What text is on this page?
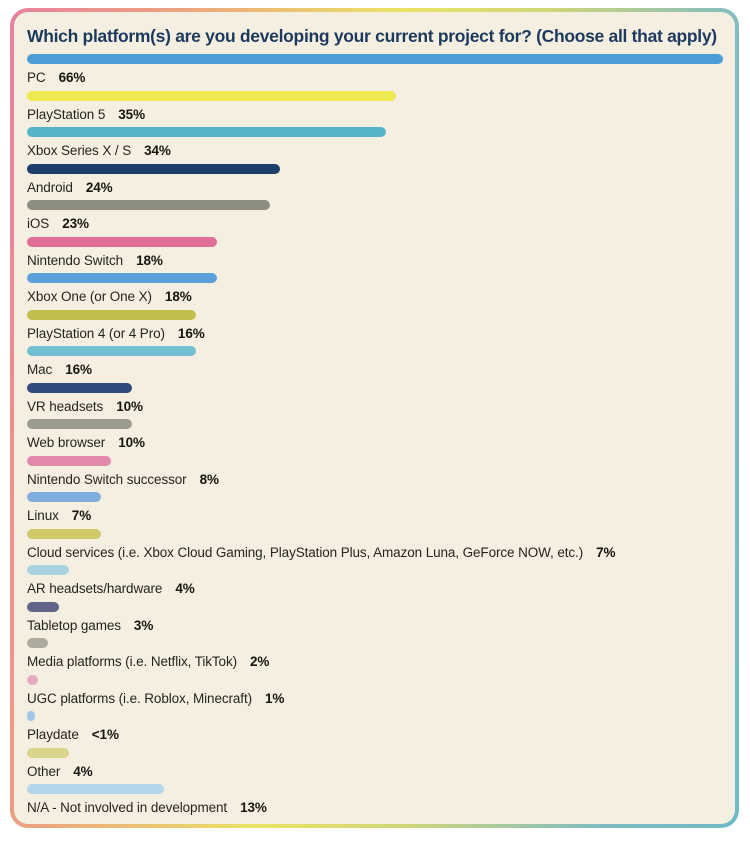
Which platform(s) are you developing your current project for? (Choose all that apply)
PC 66%
PlayStation 5 35%
Xbox Series X / S 34%
Android 24%
iOS 23%
Nintendo Switch 18%
Xbox One (or One X) 18%
PlayStation 4 (or 4 Pro) 16%
Mac 16%
VR headsets 10%
Web browser 10%
Nintendo Switch successor 8%
Linux 7%
Cloud services (i.e. Xbox Cloud Gaming, PlayStation Plus, Amazon Luna, GeForce NOW, etc.) 7%
AR headsets/hardware 4%
Tabletop games 3%
Media platforms (i.e. Netflix, TikTok) 2%
UGC platforms (i.e. Roblox, Minecraft) 1%
Playdate <1%
Other 4%
N/A - Not involved in development 13%
